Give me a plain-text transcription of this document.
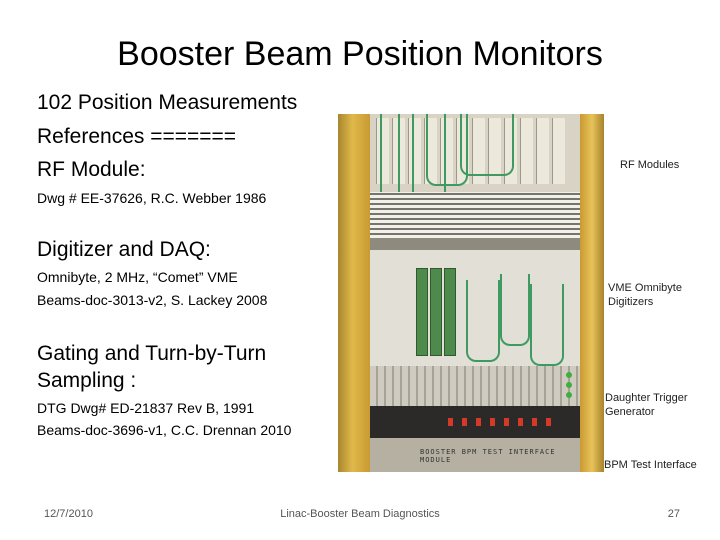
Booster Beam Position Monitors
102 Position Measurements
References =======
RF Module:
Dwg # EE-37626, R.C. Webber 1986
Digitizer and DAQ:
Omnibyte, 2 MHz, “Comet” VME
Beams-doc-3013-v2, S. Lackey 2008
Gating and Turn-by-Turn
Sampling :
DTG Dwg# ED-21837 Rev B, 1991
Beams-doc-3696-v1, C.C. Drennan 2010
BOOSTER BPM TEST INTERFACE MODULE
RF Modules
VME Omnibyte
Digitizers
Daughter Trigger
Generator
BPM Test Interface
12/7/2010	Linac-Booster Beam Diagnostics	27
